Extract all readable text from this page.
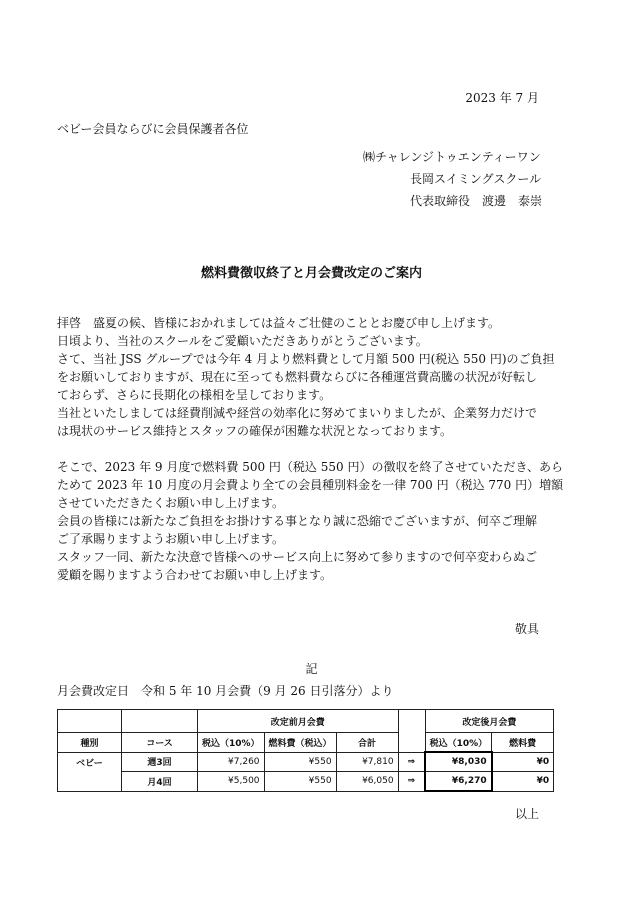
2023 年 7 月
ベビー会員ならびに会員保護者各位
㈱チャレンジトゥエンティーワン
長岡スイミングスクール
代表取締役　渡邊　泰崇
燃料費徴収終了と月会費改定のご案内
拝啓　盛夏の候、皆様におかれましては益々ご壮健のこととお慶び申し上げます。
日頃より、当社のスクールをご愛顧いただきありがとうございます。
さて、当社 JSS グループでは今年 4 月より燃料費として月額 500 円(税込 550 円)のご負担
をお願いしておりますが、現在に至っても燃料費ならびに各種運営費高騰の状況が好転し
ておらず、さらに長期化の様相を呈しております。
当社といたしましては経費削減や経営の効率化に努めてまいりましたが、企業努力だけで
は現状のサービス維持とスタッフの確保が困難な状況となっております。
そこで、2023 年 9 月度で燃料費 500 円（税込 550 円）の徴収を終了させていただき、あら
ためて 2023 年 10 月度の月会費より全ての会員種別料金を一律 700 円（税込 770 円）増額
させていただきたくお願い申し上げます。
会員の皆様には新たなご負担をお掛けする事となり誠に恐縮でございますが、何卒ご理解
ご了承賜りますようお願い申し上げます。
スタッフ一同、新たな決意で皆様へのサービス向上に努めて参りますので何卒変わらぬご
愛顧を賜りますよう合わせてお願い申し上げます。
敬具
記
月会費改定日　令和 5 年 10 月会費（9 月 26 日引落分）より
		改定前月会費				改定後月会費	
種別	コース	税込（10%）	燃料費（税込）	合計		税込（10%）	燃料費
ベビー	週3回	¥7,260	¥550	¥7,810	⇒	¥8,030	¥0
	月4回	¥5,500	¥550	¥6,050	⇒	¥6,270	¥0
以上
